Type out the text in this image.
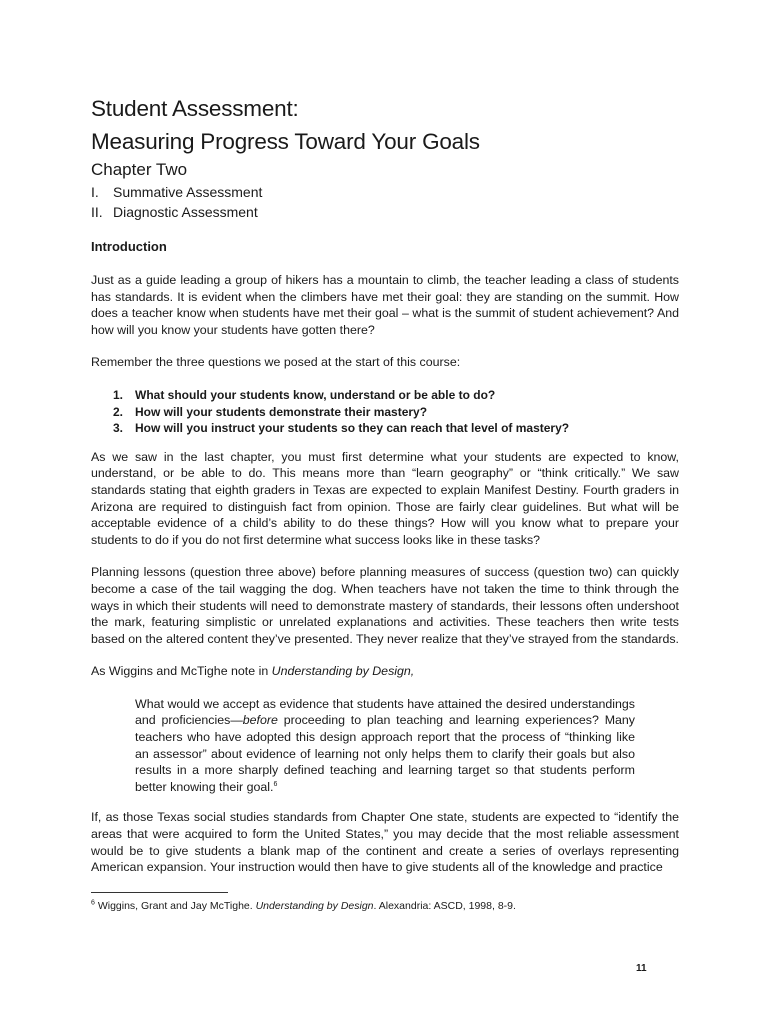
Student Assessment:
Measuring Progress Toward Your Goals
Chapter Two
I. Summative Assessment
II. Diagnostic Assessment
Introduction

Just as a guide leading a group of hikers has a mountain to climb, the teacher leading a class of students has standards. It is evident when the climbers have met their goal: they are standing on the summit. How does a teacher know when students have met their goal – what is the summit of student achievement? And how will you know your students have gotten there?

Remember the three questions we posed at the start of this course:

1. What should your students know, understand or be able to do?
2. How will your students demonstrate their mastery?
3. How will you instruct your students so they can reach that level of mastery?

As we saw in the last chapter, you must first determine what your students are expected to know, understand, or be able to do. This means more than “learn geography” or “think critically.” We saw standards stating that eighth graders in Texas are expected to explain Manifest Destiny. Fourth graders in Arizona are required to distinguish fact from opinion. Those are fairly clear guidelines. But what will be acceptable evidence of a child’s ability to do these things? How will you know what to prepare your students to do if you do not first determine what success looks like in these tasks?

Planning lessons (question three above) before planning measures of success (question two) can quickly become a case of the tail wagging the dog. When teachers have not taken the time to think through the ways in which their students will need to demonstrate mastery of standards, their lessons often undershoot the mark, featuring simplistic or unrelated explanations and activities. These teachers then write tests based on the altered content they’ve presented. They never realize that they’ve strayed from the standards.

As Wiggins and McTighe note in Understanding by Design,

What would we accept as evidence that students have attained the desired understandings and proficiencies—before proceeding to plan teaching and learning experiences? Many teachers who have adopted this design approach report that the process of “thinking like an assessor” about evidence of learning not only helps them to clarify their goals but also results in a more sharply defined teaching and learning target so that students perform better knowing their goal.$^6$

If, as those Texas social studies standards from Chapter One state, students are expected to “identify the areas that were acquired to form the United States,” you may decide that the most reliable assessment would be to give students a blank map of the continent and create a series of overlays representing American expansion. Your instruction would then have to give students all of the knowledge and practice

$^6$ Wiggins, Grant and Jay McTighe. Understanding by Design. Alexandria: ASCD, 1998, 8-9.

11
